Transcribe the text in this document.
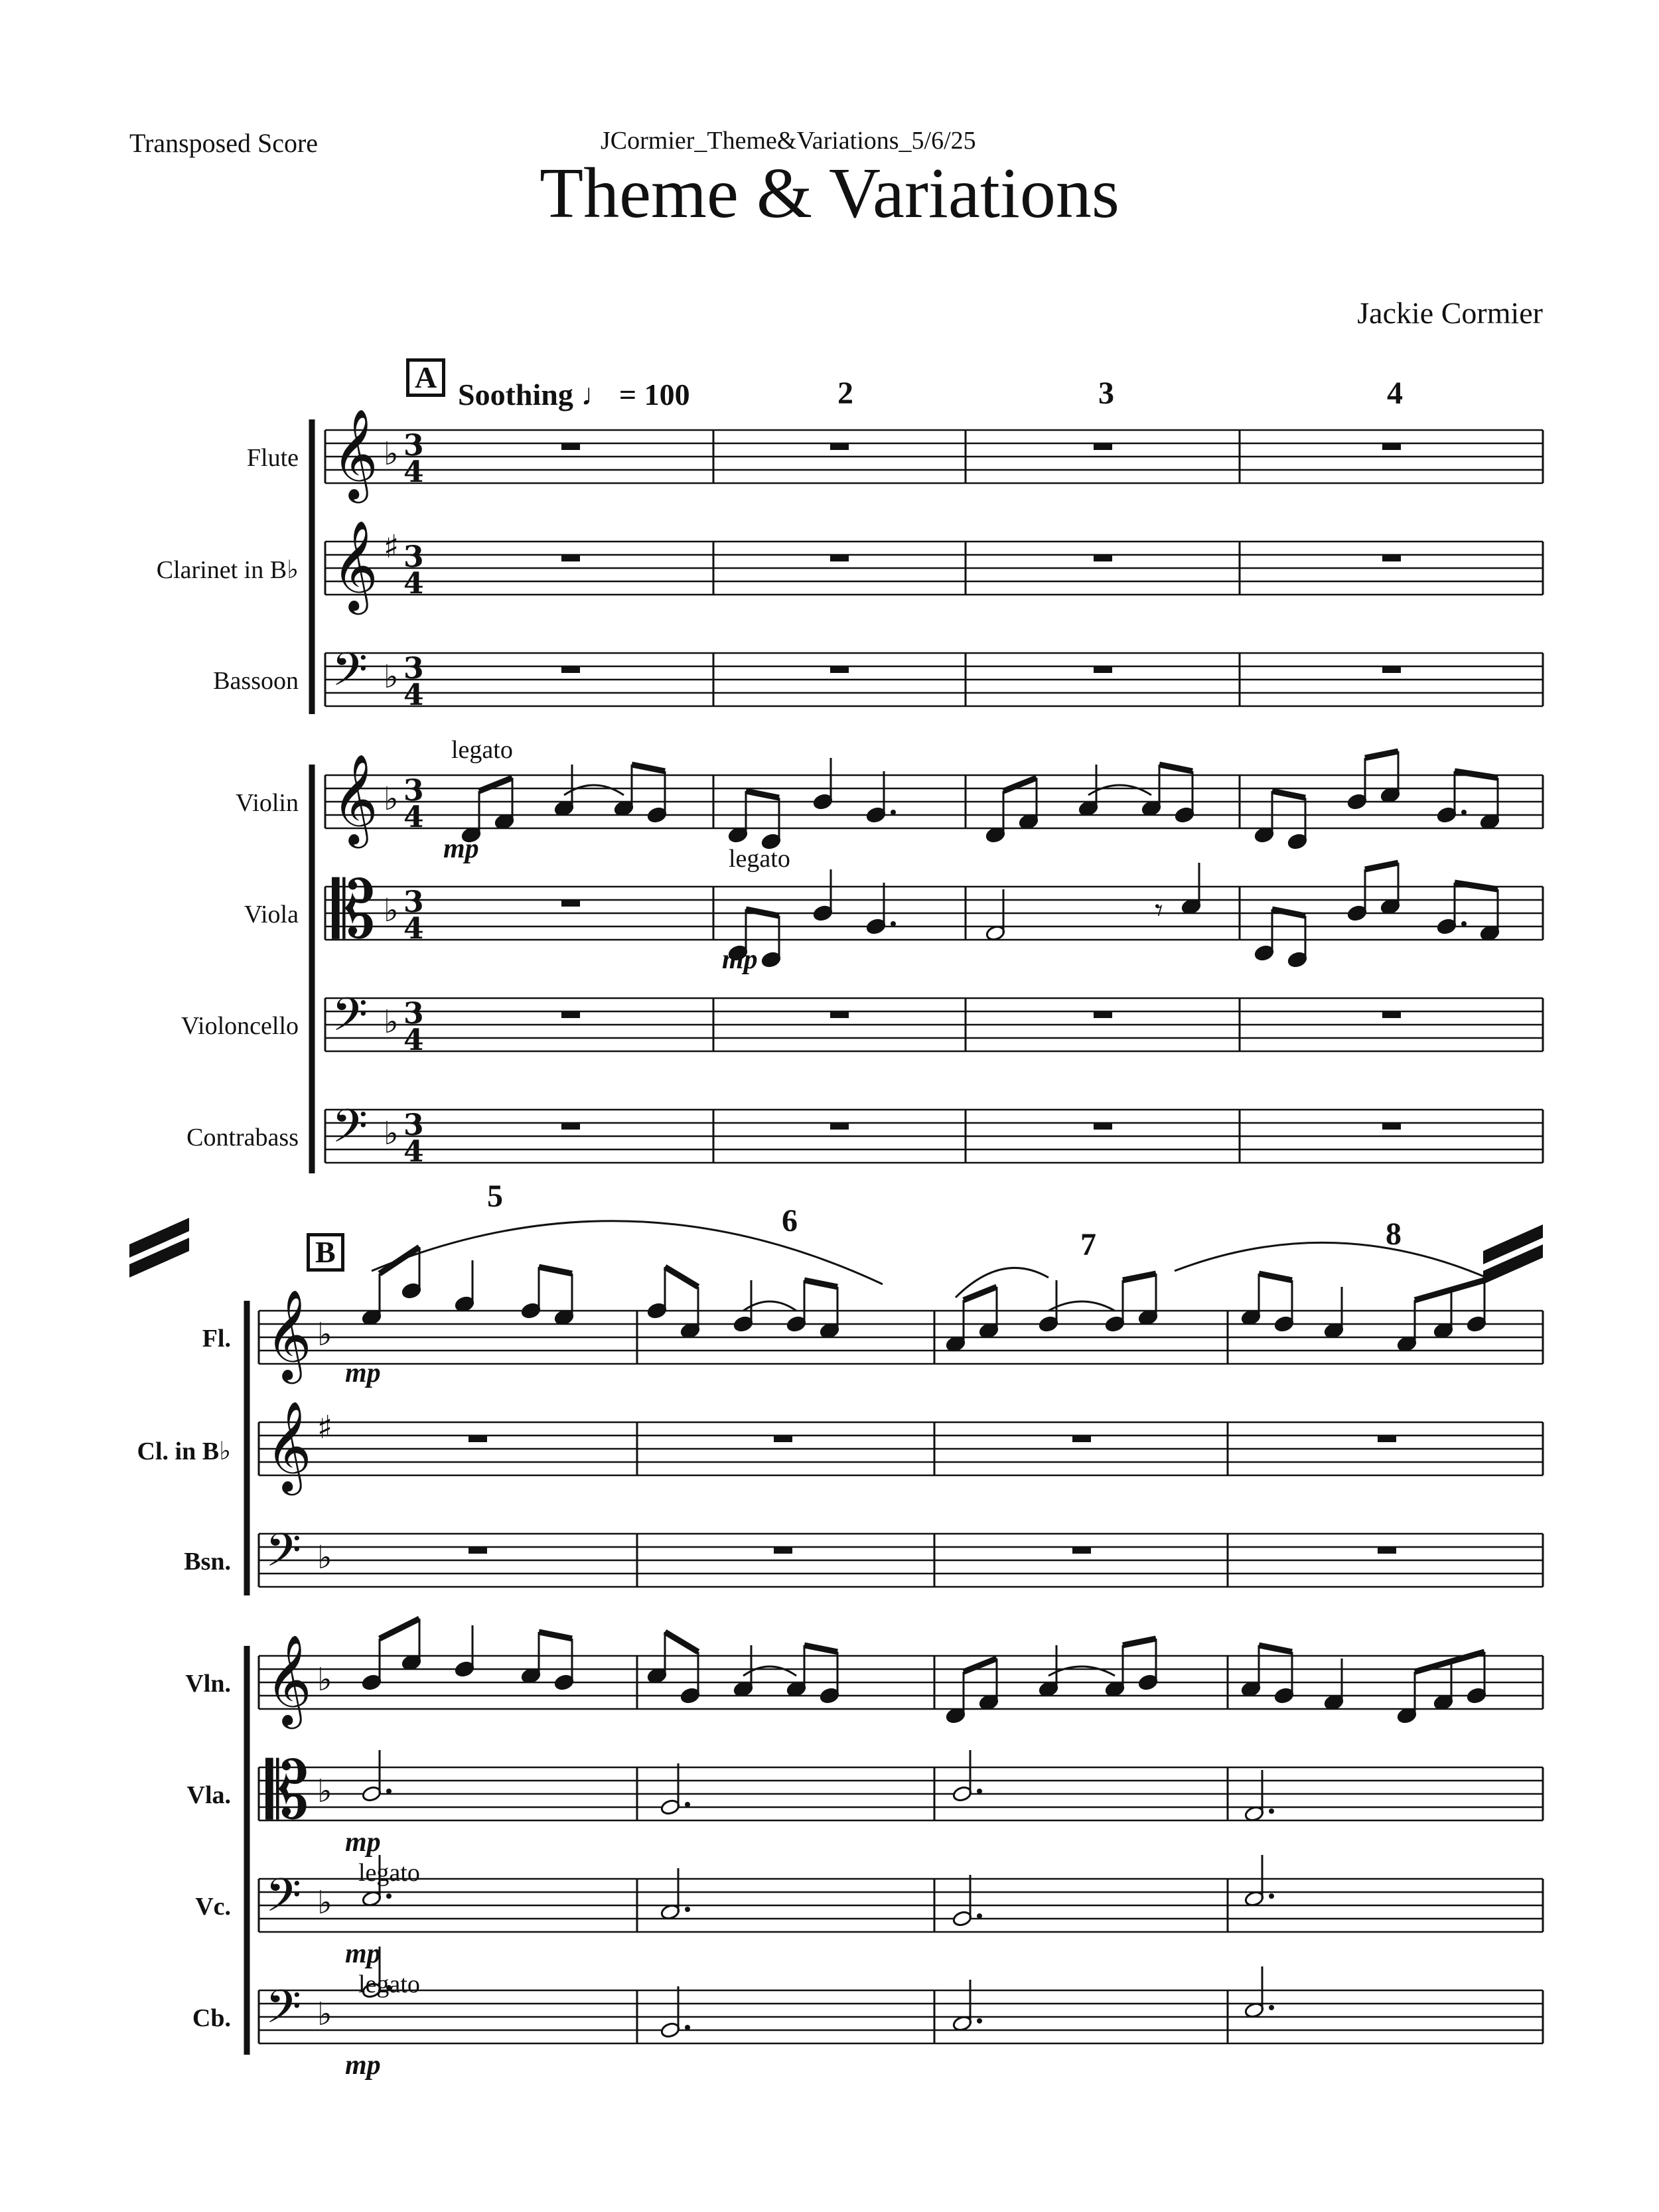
𝄞 ♭ 3
4
𝄞 ♯ 3
4
𝄢 ♭ 3
4
𝄞 ♭ 3
4
𝄡 ♭ 3
4
𝄢 ♭ 3
4
𝄢 ♭ 3
4
𝄾
𝄞 ♭
𝄞 ♯
𝄢 ♭
𝄞 ♭
𝄡 ♭
𝄢 ♭
𝄢 ♭
Transposed Score	JCormier_Theme&Variations_5/6/25
Theme & Variations
Jackie Cormier
A
Soothing ♩ = 100	2	3	4
Flute
Clarinet in B♭
Bassoon
Violin
Viola
Violoncello
Contrabass
legato
mp	legato
mp
B
5
6
7	8
Fl.
Cl. in B♭
Bsn.
Vln.
Vla.
Vc.
Cb.
mp
mp
legato
mp
legato
mp
